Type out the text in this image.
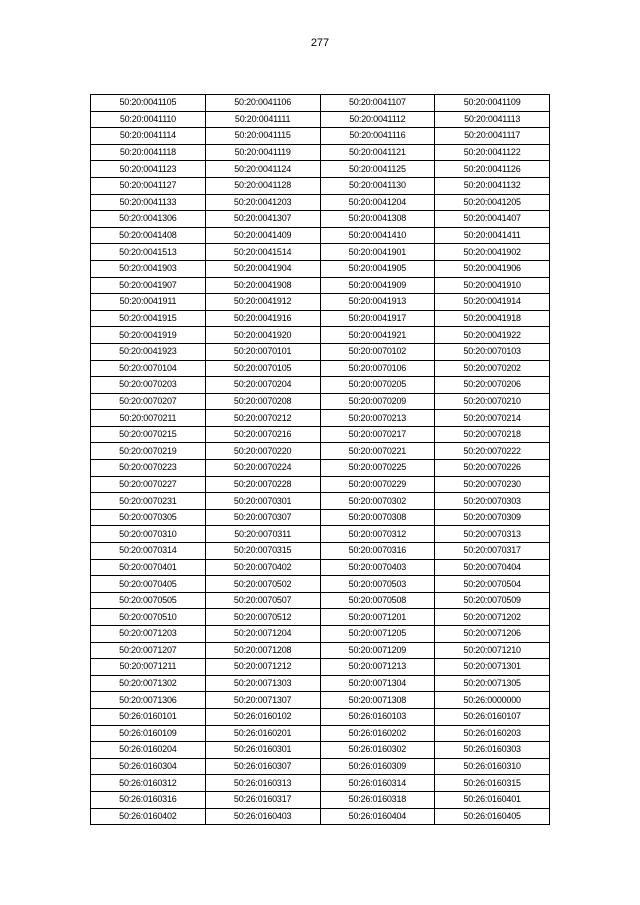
277
50:20:0041105	50:20:0041106	50:20:0041107	50:20:0041109
50:20:0041110	50:20:0041111	50:20:0041112	50:20:0041113
50:20:0041114	50:20:0041115	50:20:0041116	50:20:0041117
50:20:0041118	50:20:0041119	50:20:0041121	50:20:0041122
50:20:0041123	50:20:0041124	50:20:0041125	50:20:0041126
50:20:0041127	50:20:0041128	50:20:0041130	50:20:0041132
50:20:0041133	50:20:0041203	50:20:0041204	50:20:0041205
50:20:0041306	50:20:0041307	50:20:0041308	50:20:0041407
50:20:0041408	50:20:0041409	50:20:0041410	50:20:0041411
50:20:0041513	50:20:0041514	50:20:0041901	50:20:0041902
50:20:0041903	50:20:0041904	50:20:0041905	50:20:0041906
50:20:0041907	50:20:0041908	50:20:0041909	50:20:0041910
50:20:0041911	50:20:0041912	50:20:0041913	50:20:0041914
50:20:0041915	50:20:0041916	50:20:0041917	50:20:0041918
50:20:0041919	50:20:0041920	50:20:0041921	50:20:0041922
50:20:0041923	50:20:0070101	50:20:0070102	50:20:0070103
50:20:0070104	50:20:0070105	50:20:0070106	50:20:0070202
50:20:0070203	50:20:0070204	50:20:0070205	50:20:0070206
50:20:0070207	50:20:0070208	50:20:0070209	50:20:0070210
50:20:0070211	50:20:0070212	50:20:0070213	50:20:0070214
50:20:0070215	50:20:0070216	50:20:0070217	50:20:0070218
50:20:0070219	50:20:0070220	50:20:0070221	50:20:0070222
50:20:0070223	50:20:0070224	50:20:0070225	50:20:0070226
50:20:0070227	50:20:0070228	50:20:0070229	50:20:0070230
50:20:0070231	50:20:0070301	50:20:0070302	50:20:0070303
50:20:0070305	50:20:0070307	50:20:0070308	50:20:0070309
50:20:0070310	50:20:0070311	50:20:0070312	50:20:0070313
50:20:0070314	50:20:0070315	50:20:0070316	50:20:0070317
50:20:0070401	50:20:0070402	50:20:0070403	50:20:0070404
50:20:0070405	50:20:0070502	50:20:0070503	50:20:0070504
50:20:0070505	50:20:0070507	50:20:0070508	50:20:0070509
50:20:0070510	50:20:0070512	50:20:0071201	50:20:0071202
50:20:0071203	50:20:0071204	50:20:0071205	50:20:0071206
50:20:0071207	50:20:0071208	50:20:0071209	50:20:0071210
50:20:0071211	50:20:0071212	50:20:0071213	50:20:0071301
50:20:0071302	50:20:0071303	50:20:0071304	50:20:0071305
50:20:0071306	50:20:0071307	50:20:0071308	50:26:0000000
50:26:0160101	50:26:0160102	50:26:0160103	50:26:0160107
50:26:0160109	50:26:0160201	50:26:0160202	50:26:0160203
50:26:0160204	50:26:0160301	50:26:0160302	50:26:0160303
50:26:0160304	50:26:0160307	50:26:0160309	50:26:0160310
50:26:0160312	50:26:0160313	50:26:0160314	50:26:0160315
50:26:0160316	50:26:0160317	50:26:0160318	50:26:0160401
50:26:0160402	50:26:0160403	50:26:0160404	50:26:0160405
